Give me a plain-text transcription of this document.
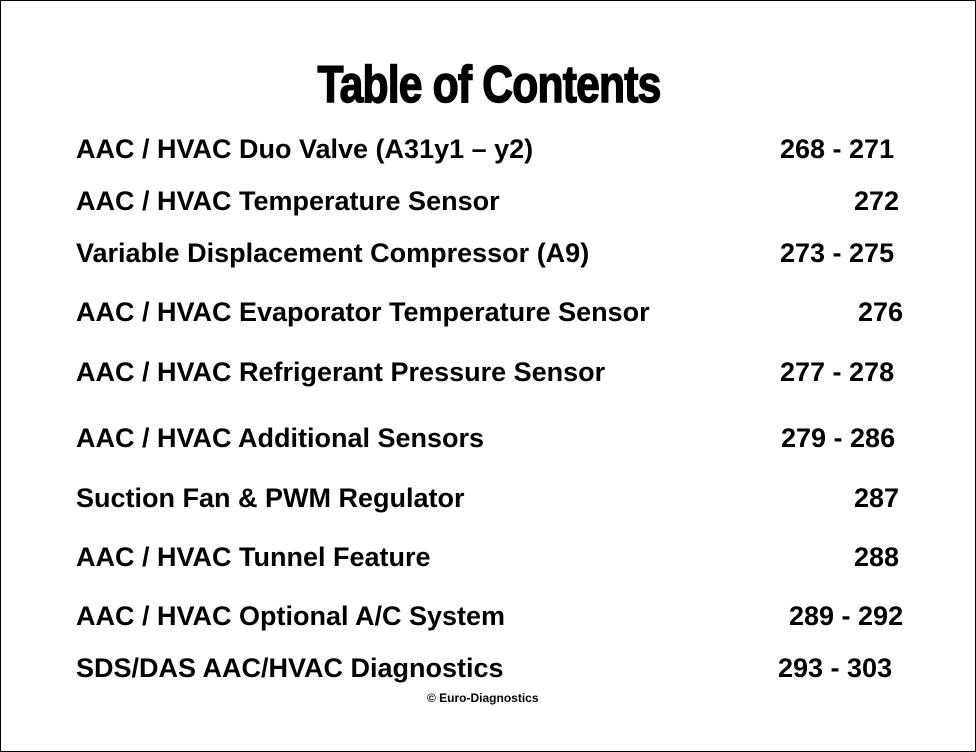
Table of Contents
AAC / HVAC Duo Valve (A31y1 – y2)	268 - 271
AAC / HVAC Temperature Sensor	272
Variable Displacement Compressor (A9)	273 - 275
AAC / HVAC Evaporator Temperature Sensor	276
AAC / HVAC Refrigerant Pressure Sensor	277 - 278
AAC / HVAC Additional Sensors	279 - 286
Suction Fan & PWM Regulator	287
AAC / HVAC Tunnel Feature	288
AAC / HVAC Optional A/C System	289 - 292
SDS/DAS AAC/HVAC Diagnostics	293 - 303
© Euro-Diagnostics
